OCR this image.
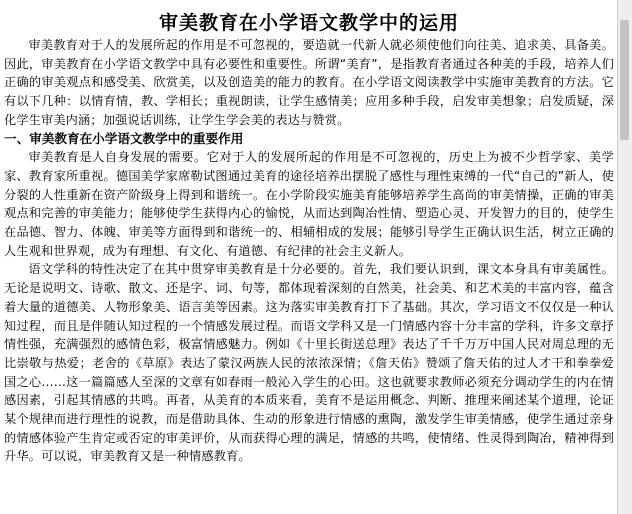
审美教育在小学语文教学中的运用

审美教育对于人的发展所起的作用是不可忽视的，要造就一代新人就必须使他们向往美、追求美、具备美。因此，审美教育在小学语文教学中具有必要性和重要性。所谓“美育”，是指教育者通过各种美的手段，培养人们正确的审美观点和感受美、欣赏美，以及创造美的能力的教育。在小学语文阅读教学中实施审美教育的方法。它有以下几种：以情育情，教、学相长；重视朗读，让学生感情美；应用多种手段，启发审美想象；启发质疑，深化学生审美内涵；加强说话训练，让学生学会美的表达与赞赏。

一、审美教育在小学语文教学中的重要作用

审美教育是人自身发展的需要。它对于人的发展所起的作用是不可忽视的，历史上为被不少哲学家、美学家、教育家所重视。德国美学家席勒试图通过美育的途径培养出摆脱了感性与理性束缚的一代“自己的”新人，使分裂的人性重新在资产阶级身上得到和谐统一。在小学阶段实施美育能够培养学生高尚的审美情操，正确的审美观点和完善的审美能力；能够使学生获得内心的愉悦，从而达到陶冶性情、塑造心灵、开发智力的目的，使学生在品德、智力、体魄、审美等方面得到和谐统一的、相辅相成的发展；能够引导学生正确认识生活，树立正确的人生观和世界观，成为有理想、有文化、有道德、有纪律的社会主义新人。

语文学科的特性决定了在其中贯穿审美教育是十分必要的。首先，我们要认识到，课文本身具有审美属性。无论是说明文、诗歌、散文、还是字、词、句等，都体现着深刻的自然美，社会美、和艺术美的丰富内容，蕴含着大量的道德美、人物形象美、语言美等因素。这为落实审美教育打下了基础。其次，学习语文不仅仅是一种认知过程，而且是伴随认知过程的一个情感发展过程。而语文学科又是一门情感内容十分丰富的学科，许多文章抒情性强，充满强烈的感情色彩，极富情感魅力。例如《十里长街送总理》表达了千千万万中国人民对周总理的无比崇敬与热爱；老舍的《草原》表达了蒙汉两族人民的浓浓深情；《詹天佑》赞颂了詹天佑的过人才干和拳拳爱国之心……这一篇篇感人至深的文章有如春雨一般沁入学生的心田。这也就要求教师必须充分调动学生的内在情感因素，引起其情感的共鸣。再者，从美育的本质来看，美育不是运用概念、判断、推理来阐述某个道理，论证某个规律而进行理性的说教，而是借助具体、生动的形象进行情感的熏陶，激发学生审美情感，使学生通过亲身的情感体验产生肯定或否定的审美评价，从而获得心理的满足，情感的共鸣，使情绪、性灵得到陶冶，精神得到升华。可以说，审美教育又是一种情感教育。
